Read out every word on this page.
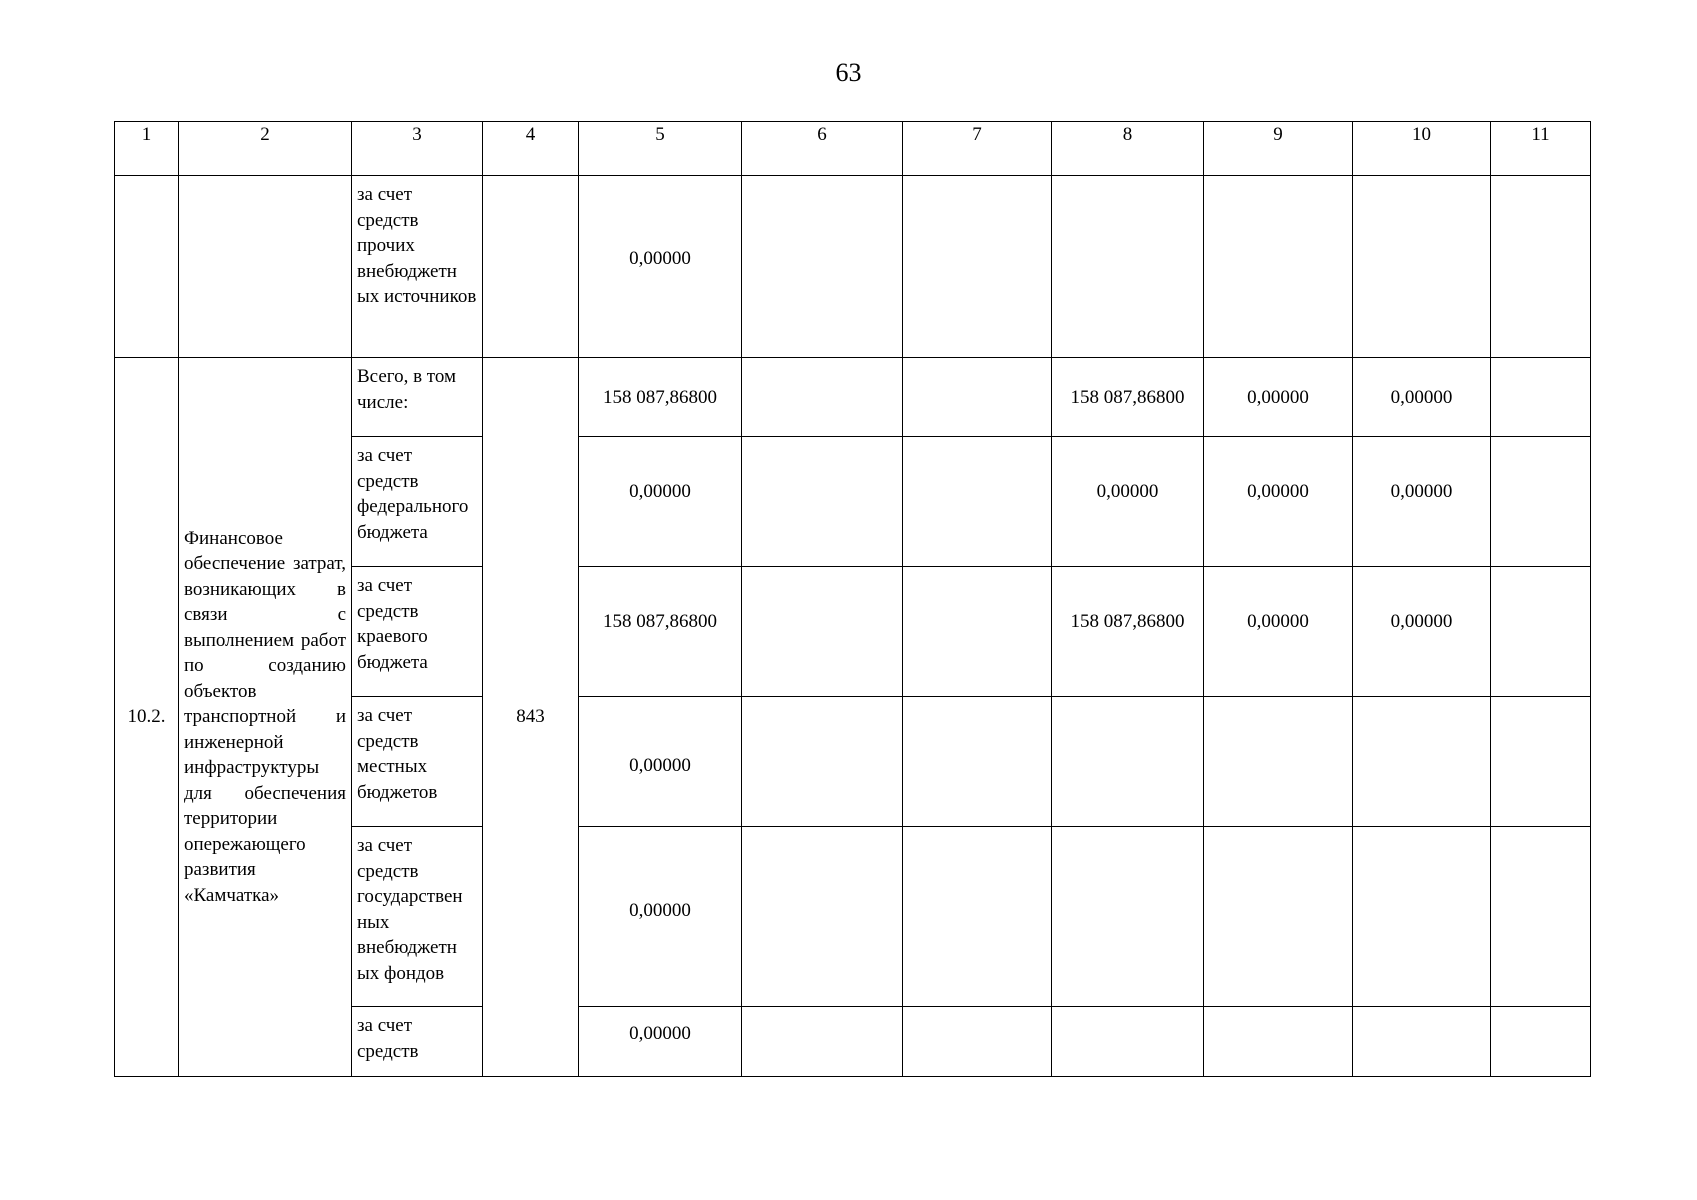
63
1	2	3	4	5	6	7	8	9	10	11
		за счет средств прочих внебюджетн ых источников		0,00000						
10.2.	Финансовое обеспечение затрат, возникающих в связи с выполнением работ по созданию объектов транспортной и инженерной инфраструктуры для обеспечения территории опережающего развития «Камчатка»	Всего, в том числе:	843	158 087,86800			158 087,86800	0,00000	0,00000	
		за счет средств федерального бюджета		0,00000			0,00000	0,00000	0,00000	
		за счет средств краевого бюджета		158 087,86800			158 087,86800	0,00000	0,00000	
		за счет средств местных бюджетов		0,00000						
		за счет средств государствен ных внебюджетн ых фондов		0,00000						
		за счет средств		0,00000						
